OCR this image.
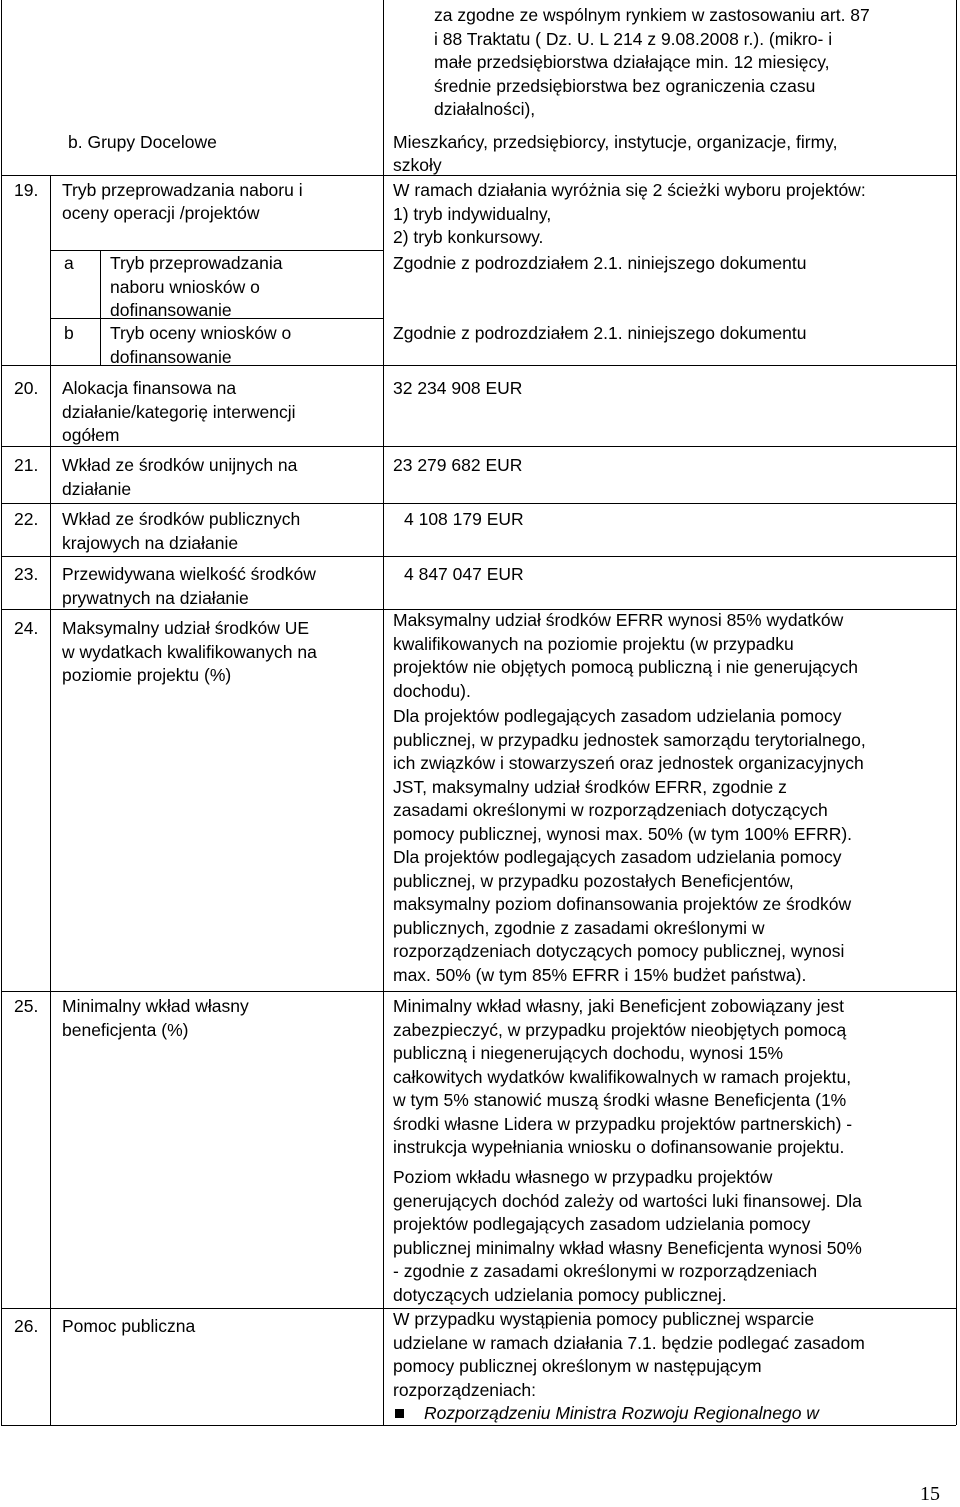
za zgodne ze wspólnym rynkiem w zastosowaniu art. 87
i 88 Traktatu ( Dz. U. L 214 z 9.08.2008 r.). (mikro- i
małe przedsiębiorstwa działające min. 12 miesięcy,
średnie przedsiębiorstwa bez ograniczenia czasu
działalności),
b. Grupy Docelowe	Mieszkańcy, przedsiębiorcy, instytucje, organizacje, firmy,
szkoły
19. Tryb przeprowadzania naboru i
oceny operacji /projektów
W ramach działania wyróżnia się 2 ścieżki wyboru projektów:
1) tryb indywidualny,
2) tryb konkursowy.
a Tryb przeprowadzania
naboru wniosków o
dofinansowanie
Zgodnie z podrozdziałem 2.1. niniejszego dokumentu
b Tryb oceny wniosków o
dofinansowanie
Zgodnie z podrozdziałem 2.1. niniejszego dokumentu
20. Alokacja finansowa na
działanie/kategorię interwencji
ogółem
32 234 908 EUR
21. Wkład ze środków unijnych na
działanie
23 279 682 EUR
22. Wkład ze środków publicznych
krajowych na działanie
4 108 179 EUR
23. Przewidywana wielkość środków
prywatnych na działanie
4 847 047 EUR
24. Maksymalny udział środków UE
w wydatkach kwalifikowanych na
poziomie projektu (%)
Maksymalny udział środków EFRR wynosi 85% wydatków
kwalifikowanych na poziomie projektu (w przypadku
projektów nie objętych pomocą publiczną i nie generujących
dochodu).
Dla projektów podlegających zasadom udzielania pomocy
publicznej, w przypadku jednostek samorządu terytorialnego,
ich związków i stowarzyszeń oraz jednostek organizacyjnych
JST, maksymalny udział środków EFRR, zgodnie z
zasadami określonymi w rozporządzeniach dotyczących
pomocy publicznej, wynosi max. 50% (w tym 100% EFRR).
Dla projektów podlegających zasadom udzielania pomocy
publicznej, w przypadku pozostałych Beneficjentów,
maksymalny poziom dofinansowania projektów ze środków
publicznych, zgodnie z zasadami określonymi w
rozporządzeniach dotyczących pomocy publicznej, wynosi
max. 50% (w tym 85% EFRR i 15% budżet państwa).
25. Minimalny wkład własny
beneficjenta (%)
Minimalny wkład własny, jaki Beneficjent zobowiązany jest
zabezpieczyć, w przypadku projektów nieobjętych pomocą
publiczną i niegenerujących dochodu, wynosi 15%
całkowitych wydatków kwalifikowalnych w ramach projektu,
w tym 5% stanowić muszą środki własne Beneficjenta (1%
środki własne Lidera w przypadku projektów partnerskich) -
instrukcja wypełniania wniosku o dofinansowanie projektu.
Poziom wkładu własnego w przypadku projektów
generujących dochód zależy od wartości luki finansowej. Dla
projektów podlegających zasadom udzielania pomocy
publicznej minimalny wkład własny Beneficjenta wynosi 50%
- zgodnie z zasadami określonymi w rozporządzeniach
dotyczących udzielania pomocy publicznej.
26. Pomoc publiczna	W przypadku wystąpienia pomocy publicznej wsparcie
udzielane w ramach działania 7.1. będzie podlegać zasadom
pomocy publicznej określonym w następującym
rozporządzeniach:
Rozporządzeniu Ministra Rozwoju Regionalnego w
15
